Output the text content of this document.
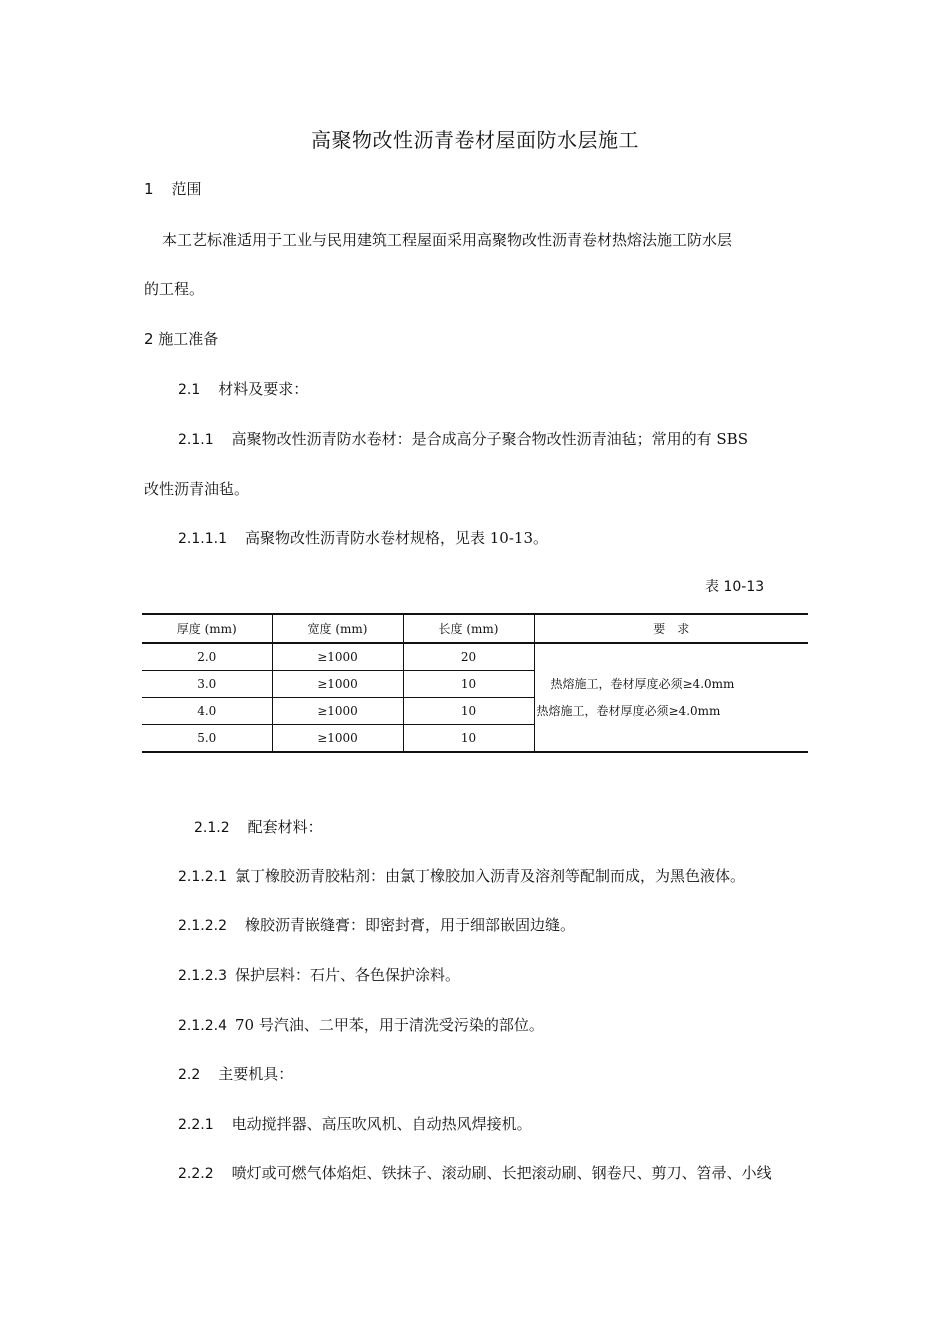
高聚物改性沥青卷材屋面防水层施工
1 范围
本工艺标准适用于工业与民用建筑工程屋面采用高聚物改性沥青卷材热熔法施工防水层
的工程。
2 施工准备
2.1 材料及要求：
2.1.1 高聚物改性沥青防水卷材：是合成高分子聚合物改性沥青油毡；常用的有 SBS
改性沥青油毡。
2.1.1.1 高聚物改性沥青防水卷材规格，见表 10-13。
表 10-13
厚度 (mm)	宽度 (mm)	长度 (mm)	要　求
2.0	≥1000	20	热熔施工，卷材厚度必须≥4.0mm
热熔施工，卷材厚度必须≥4.0mm

3.0	≥1000	10	
4.0	≥1000	10	
5.0	≥1000	10	
2.1.2 配套材料：
2.1.2.1 氯丁橡胶沥青胶粘剂：由氯丁橡胶加入沥青及溶剂等配制而成，为黑色液体。
2.1.2.2 橡胶沥青嵌缝膏：即密封膏，用于细部嵌固边缝。
2.1.2.3 保护层料：石片、各色保护涂料。
2.1.2.4 70 号汽油、二甲苯，用于清洗受污染的部位。
2.2 主要机具：
2.2.1 电动搅拌器、高压吹风机、自动热风焊接机。
2.2.2 喷灯或可燃气体焰炬、铁抹子、滚动刷、长把滚动刷、钢卷尺、剪刀、笤帚、小线
